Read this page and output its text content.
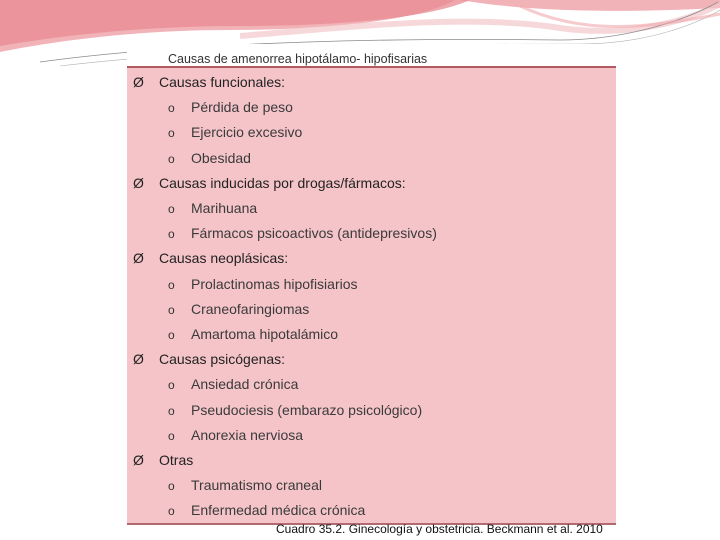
Causas de amenorrea hipotálamo- hipofisarias
Ø Causas funcionales:
o Pérdida de peso
o Ejercicio excesivo
o Obesidad
Ø Causas inducidas por drogas/fármacos:
o Marihuana
o Fármacos psicoactivos (antidepresivos)
Ø Causas neoplásicas:
o Prolactinomas hipofisiarios
o Craneofaringiomas
o Amartoma hipotalámico
Ø Causas psicógenas:
o Ansiedad crónica
o Pseudociesis (embarazo psicológico)
o Anorexia nerviosa
Ø Otras
o Traumatismo craneal
o Enfermedad médica crónica
Cuadro 35.2. Ginecología y obstetricia. Beckmann et al. 2010
